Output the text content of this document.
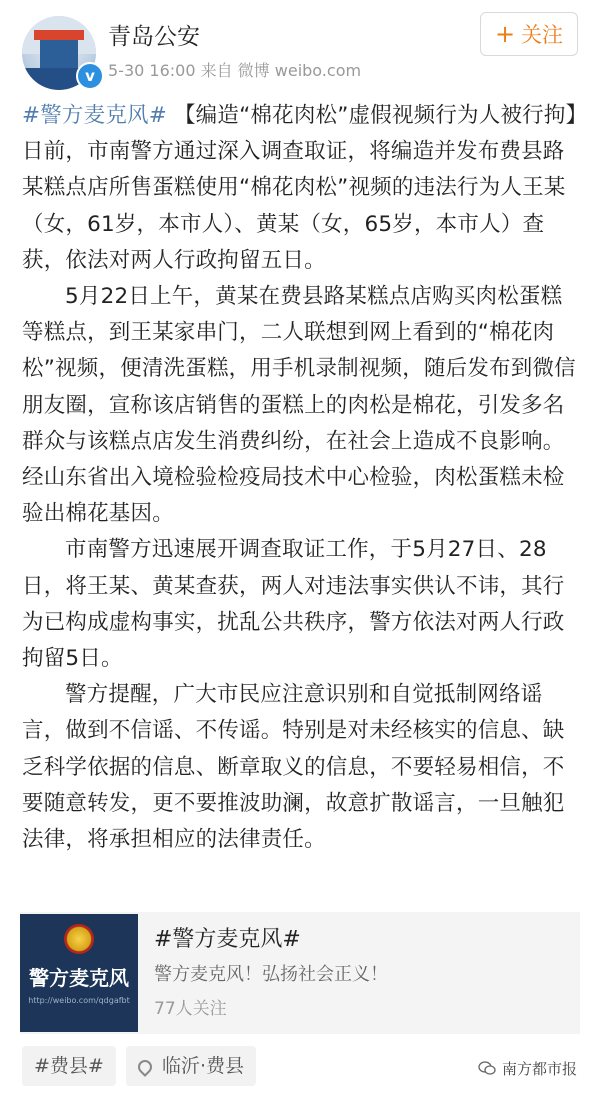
v
青岛公安
5-30 16:00 来自 微博 weibo.com
+ 关注

#警方麦克风# 【编造“棉花肉松”虚假视频行为人被行拘】日前，市南警方通过深入调查取证，将编造并发布费县路某糕点店所售蛋糕使用“棉花肉松”视频的违法行为人王某（女，61岁，本市人）、黄某（女，65岁，本市人）查获，依法对两人行政拘留五日。

5月22日上午，黄某在费县路某糕点店购买肉松蛋糕等糕点，到王某家串门，二人联想到网上看到的“棉花肉松”视频，便清洗蛋糕，用手机录制视频，随后发布到微信朋友圈，宣称该店销售的蛋糕上的肉松是棉花，引发多名群众与该糕点店发生消费纠纷，在社会上造成不良影响。经山东省出入境检验检疫局技术中心检验，肉松蛋糕未检验出棉花基因。

市南警方迅速展开调查取证工作，于5月27日、28日，将王某、黄某查获，两人对违法事实供认不讳，其行为已构成虚构事实，扰乱公共秩序，警方依法对两人行政拘留5日。

警方提醒，广大市民应注意识别和自觉抵制网络谣言，做到不信谣、不传谣。特别是对未经核实的信息、缺乏科学依据的信息、断章取义的信息，不要轻易相信，不要随意转发，更不要推波助澜，故意扩散谣言，一旦触犯法律，将承担相应的法律责任。

警方麦克风
http://weibo.com/qdgafbt
#警方麦克风#
警方麦克风！弘扬社会正义！
77人关注
#费县#	临沂·费县	南方都市报
